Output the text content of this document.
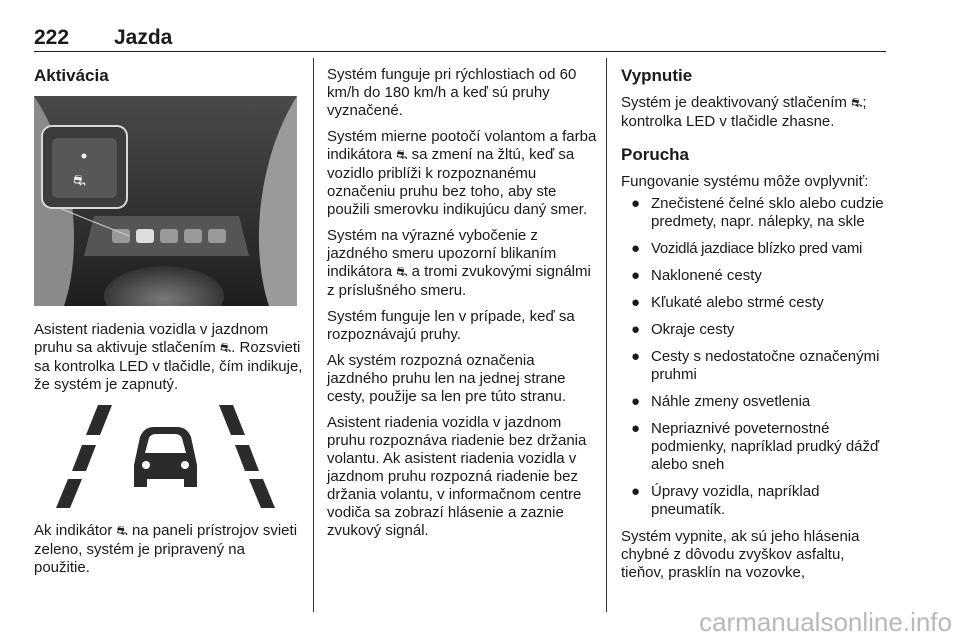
222 Jazda
Aktivácia
⛐

Asistent riadenia vozidla v jazdnom pruhu sa aktivuje stlačením ⛐. Rozsvieti sa kontrolka LED v tlačidle, čím indikuje, že systém je zapnutý.

Ak indikátor ⛐ na paneli prístrojov svieti zeleno, systém je pripravený na použitie.

Systém funguje pri rýchlostiach od 60 km/h do 180 km/h a keď sú pruhy vyznačené.

Systém mierne pootočí volantom a farba indikátora ⛐ sa zmení na žltú, keď sa vozidlo priblíži k rozpoznanému označeniu pruhu bez toho, aby ste použili smerovku indikujúcu daný smer.

Systém na výrazné vybočenie z jazdného smeru upozorní blikaním indikátora ⛐ a tromi zvukovými signálmi z príslušného smeru.

Systém funguje len v prípade, keď sa rozpoznávajú pruhy.

Ak systém rozpozná označenia jazdného pruhu len na jednej strane cesty, použije sa len pre túto stranu.

Asistent riadenia vozidla v jazdnom pruhu rozpoznáva riadenie bez držania volantu. Ak asistent riadenia vozidla v jazdnom pruhu rozpozná riadenie bez držania volantu, v informačnom centre vodiča sa zobrazí hlásenie a zaznie zvukový signál.

Vypnutie

Systém je deaktivovaný stlačením ⛐; kontrolka LED v tlačidle zhasne.

Porucha

Fungovanie systému môže ovplyvniť:

● Znečistené čelné sklo alebo cudzie predmety, napr. nálepky, na skle
● Vozidlá jazdiace blízko pred vami
● Naklonené cesty
● Kľukaté alebo strmé cesty
● Okraje cesty
● Cesty s nedostatočne označenými pruhmi
● Náhle zmeny osvetlenia
● Nepriaznivé poveternostné podmienky, napríklad prudký dážď alebo sneh
● Úpravy vozidla, napríklad pneumatík.

Systém vypnite, ak sú jeho hlásenia chybné z dôvodu zvyškov asfaltu, tieňov, prasklín na vozovke,

carmanualsonline.info
